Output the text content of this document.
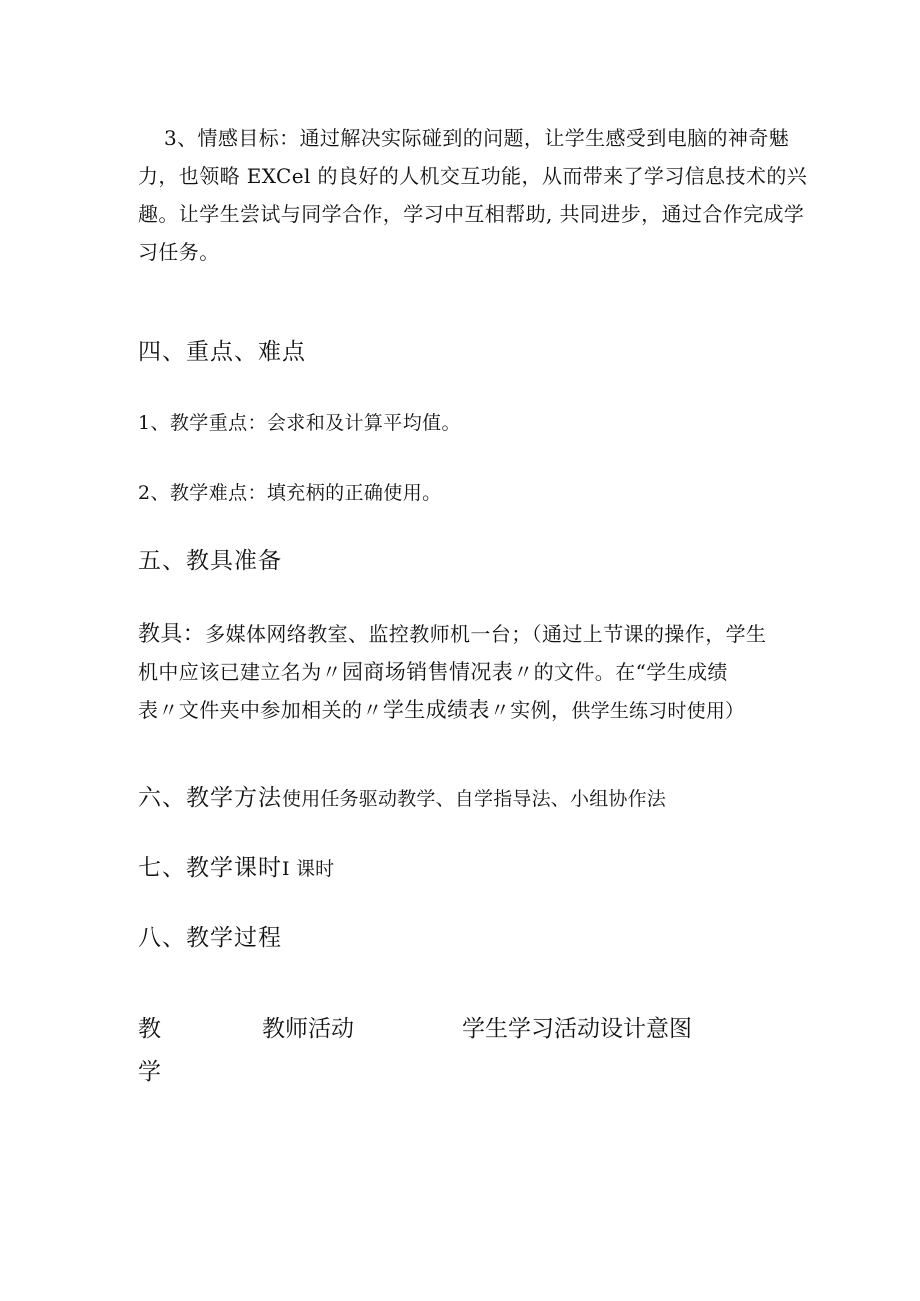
3、情感目标：通过解决实际碰到的问题，让学生感受到电脑的神奇魅
力，也领略 EXCel 的良好的人机交互功能，从而带来了学习信息技术的兴
趣。让学生尝试与同学合作，学习中互相帮助, 共同进步，通过合作完成学
习任务。
四、重点、难点
1、教学重点：会求和及计算平均值。
2、教学难点：填充柄的正确使用。
五、教具准备
教具：多媒体网络教室、监控教师机一台；（通过上节课的操作，学生
机中应该已建立名为〃园商场销售情况表〃的文件。在“学生成绩
表〃文件夹中参加相关的〃学生成绩表〃实例，供学生练习时使用）
六、教学方法使用任务驱动教学、自学指导法、小组协作法
七、教学课时I 课时
八、教学过程
教
学
教师活动	学生学习活动设计意图
